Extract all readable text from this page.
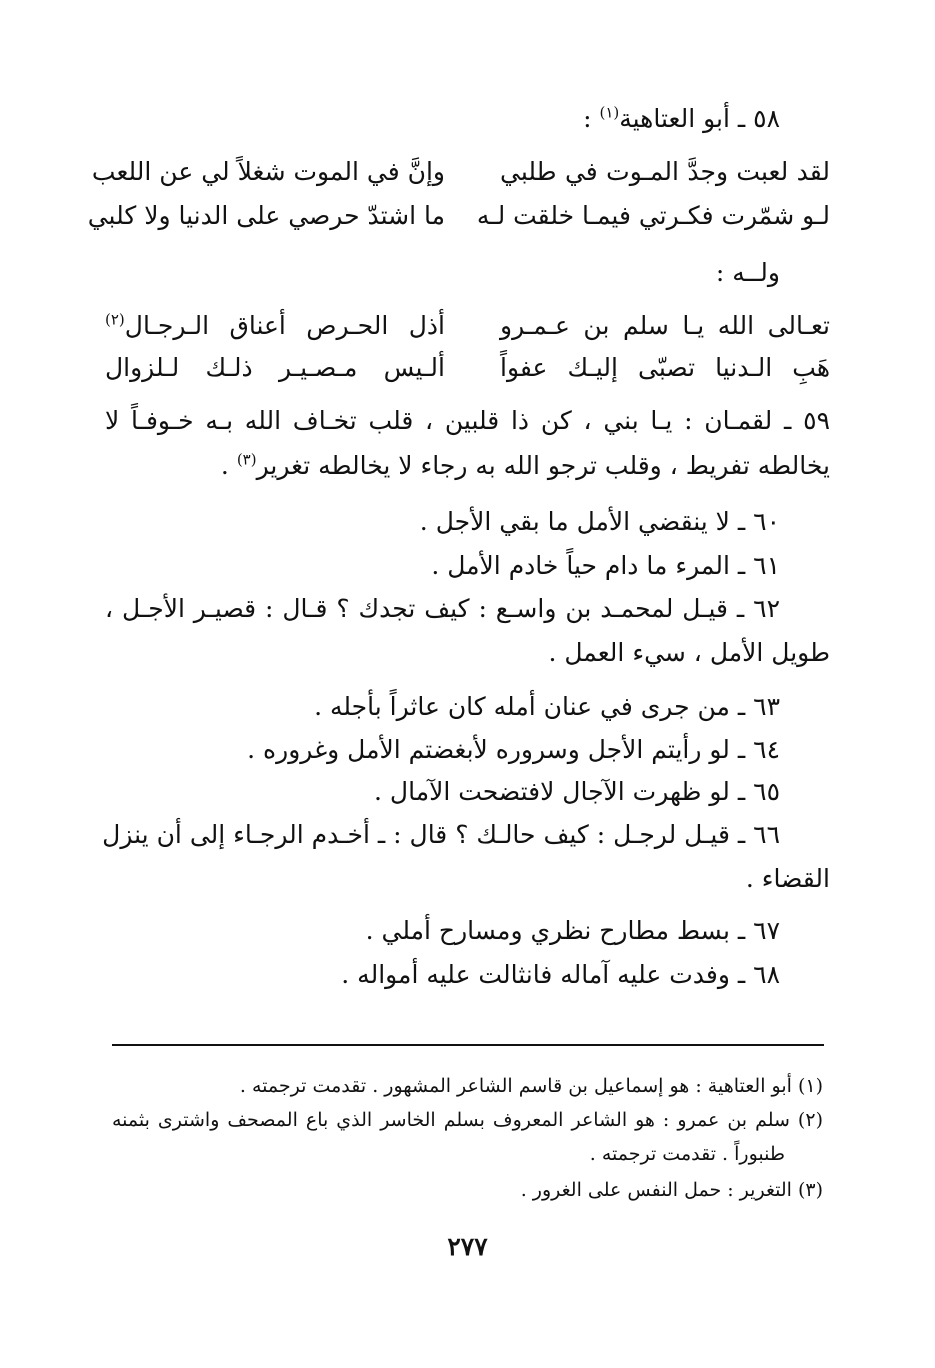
٥٨ ـ أبو العتاهية$^{(١)}$ :
لقد لعبت وجدَّ المـوت في طلبي
وإنَّ في الموت شغلاً لي عن اللعب
لـو شمّرت فكـرتي فيمـا خلقت لـه
ما اشتدّ حرصي على الدنيا ولا كلبي
ولــه :
تعـالى الله يـا سلم بن عـمـرو
أذل الحـرص أعناق الـرجـال$^{(٢)}$
هَبِ الـدنيا تصبّى إليـك عفواً
ألـيس مـصـيـر ذلـك لـلزوال
٥٩ ـ لقمـان : يـا بني ، كن ذا قلبين ، قلب تخـاف الله بـه خـوفـاً لا
يخالطه تفريط ، وقلب ترجو الله به رجاء لا يخالطه تغرير$^{(٣)}$ .
٦٠ ـ لا ينقضي الأمل ما بقي الأجل .
٦١ ـ المرء ما دام حياً خادم الأمل .
٦٢ ـ قيـل لمحمـد بن واسـع : كيف تجدك ؟ قـال : قصيـر الأجـل ،
طويل الأمل ، سيء العمل .
٦٣ ـ من جرى في عنان أمله كان عاثراً بأجله .
٦٤ ـ لو رأيتم الأجل وسروره لأبغضتم الأمل وغروره .
٦٥ ـ لو ظهرت الآجال لافتضحت الآمال .
٦٦ ـ قيـل لرجـل : كيف حالـك ؟ قال : ـ أخـدم الرجـاء إلى أن ينزل
القضاء .
٦٧ ـ بسط مطارح نظري ومسارح أملي .
٦٨ ـ وفدت عليه آماله فانثالت عليه أمواله .
(١) أبو العتاهية : هو إسماعيل بن قاسم الشاعر المشهور . تقدمت ترجمته .
(٢) سلم بن عمرو : هو الشاعر المعروف بسلم الخاسر الذي باع المصحف واشترى بثمنه
طنبوراً . تقدمت ترجمته .
(٣) التغرير : حمل النفس على الغرور .
٢٧٧
